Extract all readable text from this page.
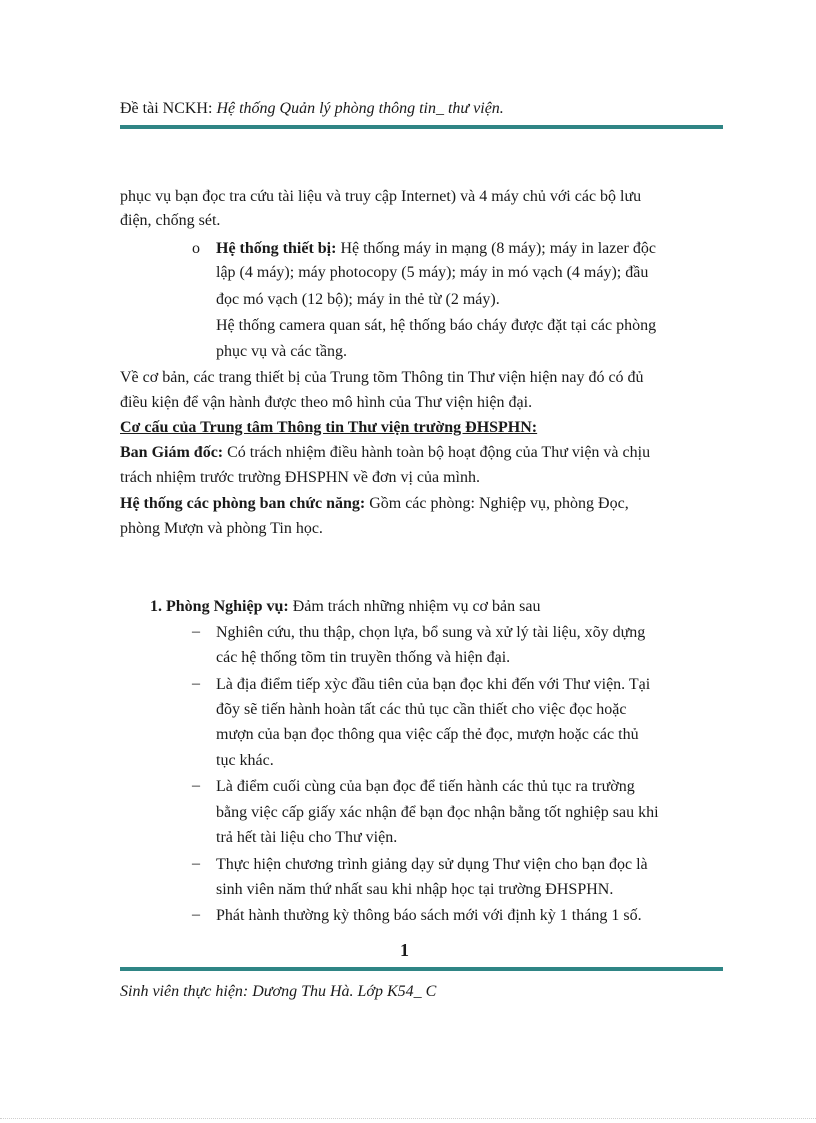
Đề tài NCKH: Hệ thống Quản lý phòng thông tin_ thư viện.
phục vụ bạn đọc tra cứu tài liệu và truy cập Internet) và 4 máy chủ với các bộ lưu
điện, chống sét.
o Hệ thống thiết bị: Hệ thống máy in mạng (8 máy); máy in lazer độc
lập (4 máy); máy photocopy (5 máy); máy in mó vạch (4 máy); đầu
đọc mó vạch (12 bộ); máy in thẻ từ (2 máy).
Hệ thống camera quan sát, hệ thống báo cháy được đặt tại các phòng
phục vụ và các tầng.
Về cơ bản, các trang thiết bị của Trung tõm Thông tin Thư viện hiện nay đó có đủ
điều kiện để vận hành được theo mô hình của Thư viện hiện đại.
Cơ cấu của Trung tâm Thông tin Thư viện trường ĐHSPHN:
Ban Giám đốc: Có trách nhiệm điều hành toàn bộ hoạt động của Thư viện và chịu
trách nhiệm trước trường ĐHSPHN về đơn vị của mình.
Hệ thống các phòng ban chức năng: Gồm các phòng: Nghiệp vụ, phòng Đọc,
phòng Mượn và phòng Tin học.
1. Phòng Nghiệp vụ: Đảm trách những nhiệm vụ cơ bản sau
– Nghiên cứu, thu thập, chọn lựa, bổ sung và xử lý tài liệu, xõy dựng
các hệ thống tõm tin truyền thống và hiện đại.
– Là địa điểm tiếp xỳc đầu tiên của bạn đọc khi đến với Thư viện. Tại
đõy sẽ tiến hành hoàn tất các thủ tục cần thiết cho việc đọc hoặc
mượn của bạn đọc thông qua việc cấp thẻ đọc, mượn hoặc các thủ
tục khác.
– Là điểm cuối cùng của bạn đọc để tiến hành các thủ tục ra trường
bằng việc cấp giấy xác nhận để bạn đọc nhận bằng tốt nghiệp sau khi
trả hết tài liệu cho Thư viện.
– Thực hiện chương trình giảng dạy sử dụng Thư viện cho bạn đọc là
sinh viên năm thứ nhất sau khi nhập học tại trường ĐHSPHN.
– Phát hành thường kỳ thông báo sách mới với định kỳ 1 tháng 1 số.
1
Sinh viên thực hiện: Dương Thu Hà. Lớp K54_ C
